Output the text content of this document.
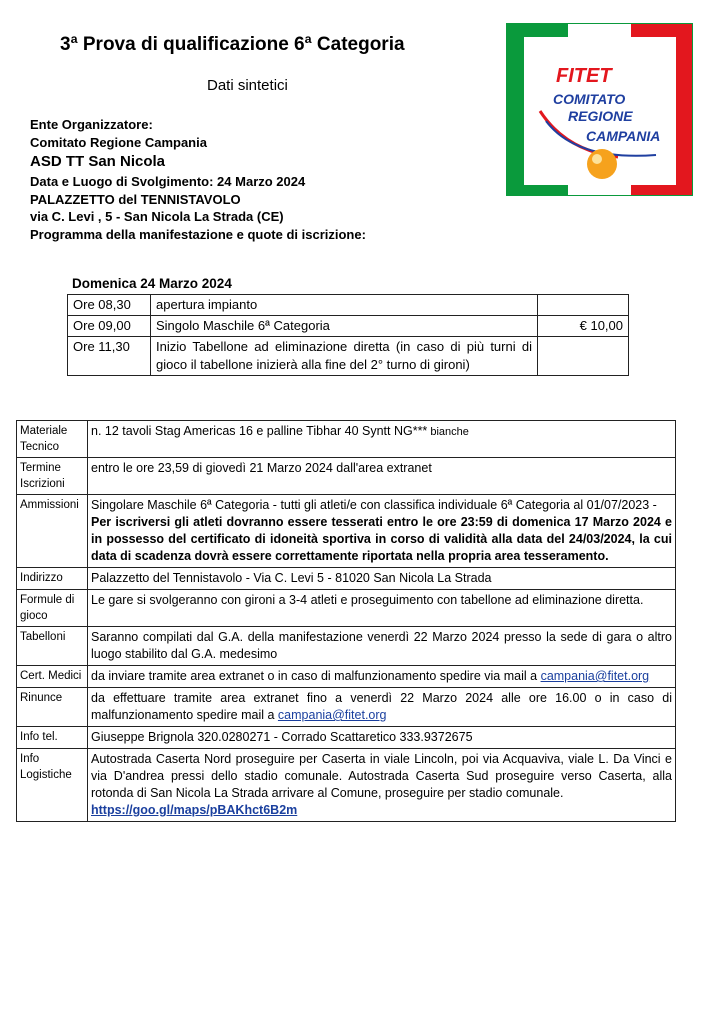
3ª Prova di qualificazione 6ª Categoria
Dati sintetici	FITET
COMITATO
REGIONE
CAMPANIA
Ente Organizzatore:
Comitato Regione Campania
ASD TT San Nicola
Data e Luogo di Svolgimento: 24 Marzo 2024
PALAZZETTO del TENNISTAVOLO
via C. Levi , 5 - San Nicola La Strada (CE)
Programma della manifestazione e quote di iscrizione:
Domenica 24 Marzo 2024
Ore 08,30	apertura impianto	
Ore 09,00	Singolo Maschile 6ª Categoria	€ 10,00
Ore 11,30	Inizio Tabellone ad eliminazione diretta (in caso di più turni di gioco il tabellone inizierà alla fine del 2° turno di gironi)	
Materiale Tecnico	n. 12 tavoli Stag Americas 16 e palline Tibhar 40 Syntt NG*** bianche
Termine Iscrizioni	entro le ore 23,59 di giovedì 21 Marzo 2024 dall'area extranet
Ammissioni	Singolare Maschile 6ª Categoria - tutti gli atleti/e con classifica individuale 6ª Categoria al 01/07/2023 -
Per iscriversi gli atleti dovranno essere tesserati entro le ore 23:59 di domenica 17 Marzo 2024 e in possesso del certificato di idoneità sportiva in corso di validità alla data del 24/03/2024, la cui data di scadenza dovrà essere correttamente riportata nella propria area tesseramento.

Indirizzo	Palazzetto del Tennistavolo - Via C. Levi 5 - 81020 San Nicola La Strada
Formule di gioco	Le gare si svolgeranno con gironi a 3-4 atleti e proseguimento con tabellone ad eliminazione diretta.
Tabelloni	Saranno compilati dal G.A. della manifestazione venerdì 22 Marzo 2024 presso la sede di gara o altro luogo stabilito dal G.A. medesimo
Cert. Medici	da inviare tramite area extranet o in caso di malfunzionamento spedire via mail a campania@fitet.org
Rinunce	da effettuare tramite area extranet fino a venerdì 22 Marzo 2024 alle ore 16.00 o in caso di malfunzionamento spedire mail a campania@fitet.org
Info tel.	Giuseppe Brignola 320.0280271 - Corrado Scattaretico 333.9372675
Info Logistiche	Autostrada Caserta Nord proseguire per Caserta in viale Lincoln, poi via Acquaviva, viale L. Da Vinci e via D'andrea pressi dello stadio comunale. Autostrada Caserta Sud proseguire verso Caserta, alla rotonda di San Nicola La Strada arrivare al Comune, proseguire per stadio comunale.
https://goo.gl/maps/pBAKhct6B2m
